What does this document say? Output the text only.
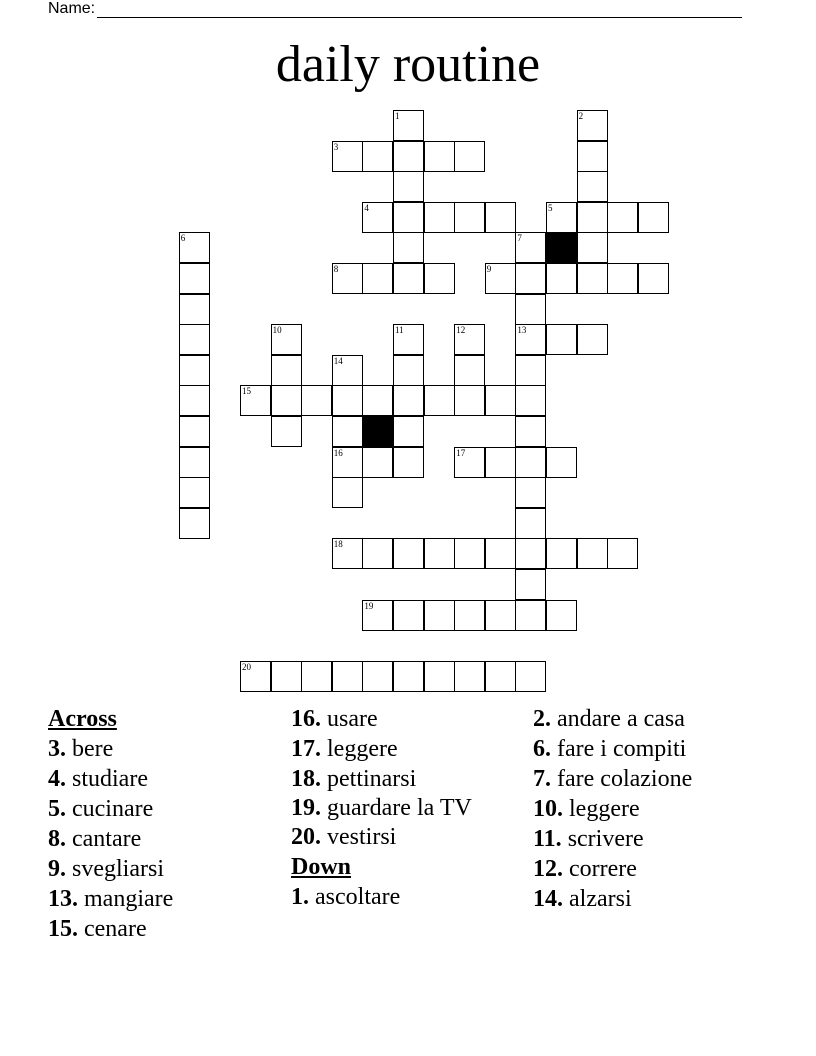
Name:
daily routine
1	2
3
4	5
6	7
13
8	9
10	11	12
14
16
15
17
18
19
20
Across
3. bere
4. studiare
5. cucinare
8. cantare
9. svegliarsi
13. mangiare
15. cenare
16. usare
17. leggere
18. pettinarsi
19. guardare la TV
20. vestirsi
Down
1. ascoltare
2. andare a casa
6. fare i compiti
7. fare colazione
10. leggere
11. scrivere
12. correre
14. alzarsi
